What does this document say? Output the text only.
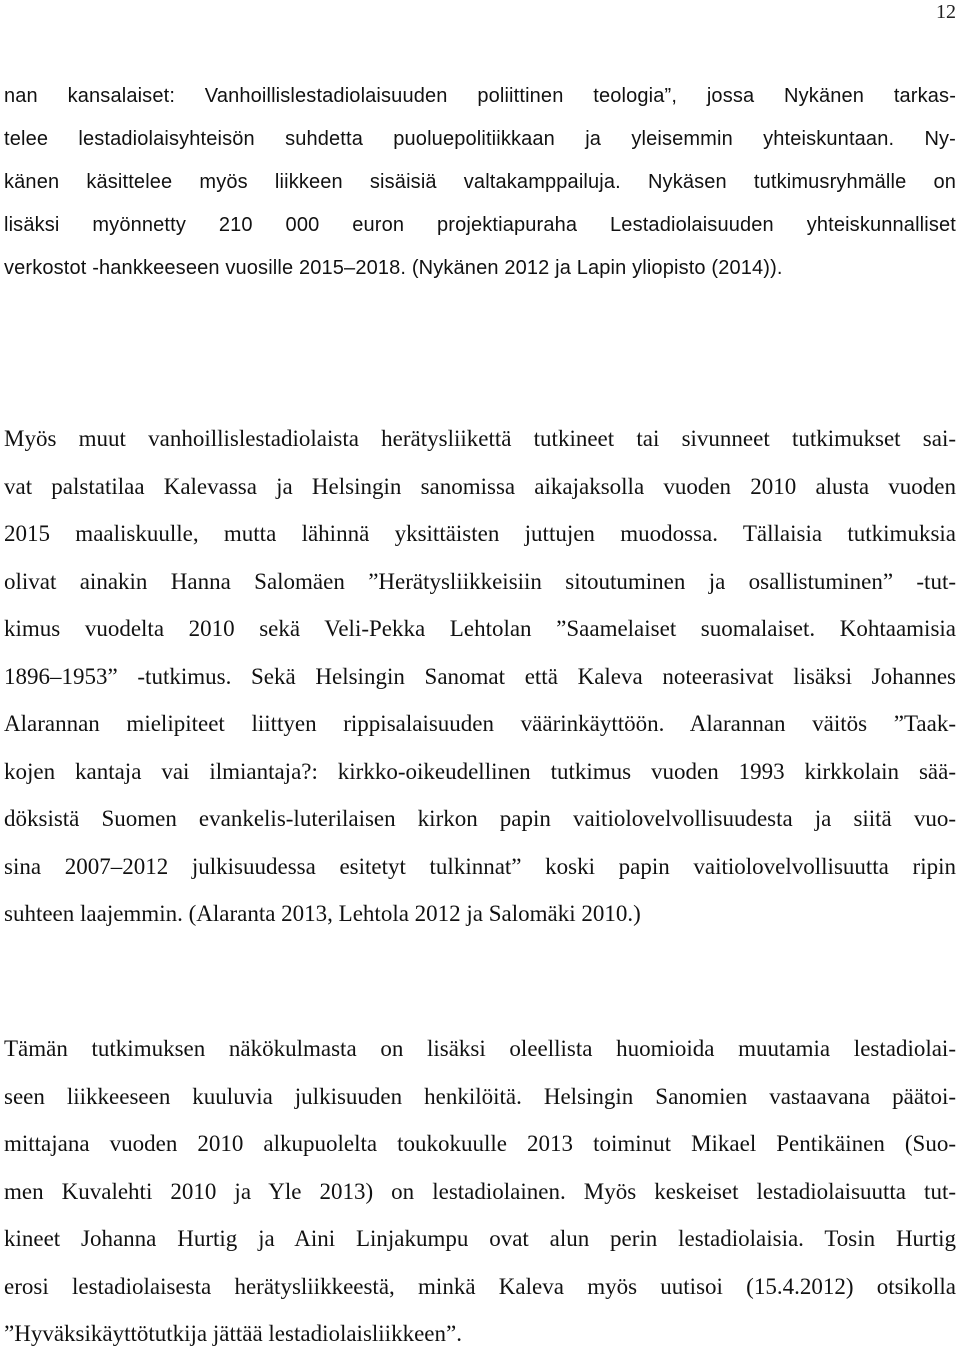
12
nan kansalaiset: Vanhoillislestadiolaisuuden poliittinen teologia”, jossa Nykänen tarkas-
telee lestadiolaisyhteisön suhdetta puoluepolitiikkaan ja yleisemmin yhteiskuntaan. Ny-
känen käsittelee myös liikkeen sisäisiä valtakamppailuja. Nykäsen tutkimusryhmälle on
lisäksi myönnetty 210 000 euron projektiapuraha Lestadiolaisuuden yhteiskunnalliset
verkostot -hankkeeseen vuosille 2015–2018. (Nykänen 2012 ja Lapin yliopisto (2014)).
Myös muut vanhoillislestadiolaista herätysliikettä tutkineet tai sivunneet tutkimukset sai-
vat palstatilaa Kalevassa ja Helsingin sanomissa aikajaksolla vuoden 2010 alusta vuoden
2015 maaliskuulle, mutta lähinnä yksittäisten juttujen muodossa. Tällaisia tutkimuksia
olivat ainakin Hanna Salomäen ”Herätysliikkeisiin sitoutuminen ja osallistuminen” -tut-
kimus vuodelta 2010 sekä Veli-Pekka Lehtolan ”Saamelaiset suomalaiset. Kohtaamisia
1896–1953” -tutkimus. Sekä Helsingin Sanomat että Kaleva noteerasivat lisäksi Johannes
Alarannan mielipiteet liittyen rippisalaisuuden väärinkäyttöön. Alarannan väitös ”Taak-
kojen kantaja vai ilmiantaja?: kirkko-oikeudellinen tutkimus vuoden 1993 kirkkolain sää-
döksistä Suomen evankelis-luterilaisen kirkon papin vaitiolovelvollisuudesta ja siitä vuo-
sina 2007–2012 julkisuudessa esitetyt tulkinnat” koski papin vaitiolovelvollisuutta ripin
suhteen laajemmin. (Alaranta 2013, Lehtola 2012 ja Salomäki 2010.)
Tämän tutkimuksen näkökulmasta on lisäksi oleellista huomioida muutamia lestadiolai-
seen liikkeeseen kuuluvia julkisuuden henkilöitä. Helsingin Sanomien vastaavana päätoi-
mittajana vuoden 2010 alkupuolelta toukokuulle 2013 toiminut Mikael Pentikäinen (Suo-
men Kuvalehti 2010 ja Yle 2013) on lestadiolainen. Myös keskeiset lestadiolaisuutta tut-
kineet Johanna Hurtig ja Aini Linjakumpu ovat alun perin lestadiolaisia. Tosin Hurtig
erosi lestadiolaisesta herätysliikkeestä, minkä Kaleva myös uutisoi (15.4.2012) otsikolla
”Hyväksikäyttötutkija jättää lestadiolaisliikkeen”.
